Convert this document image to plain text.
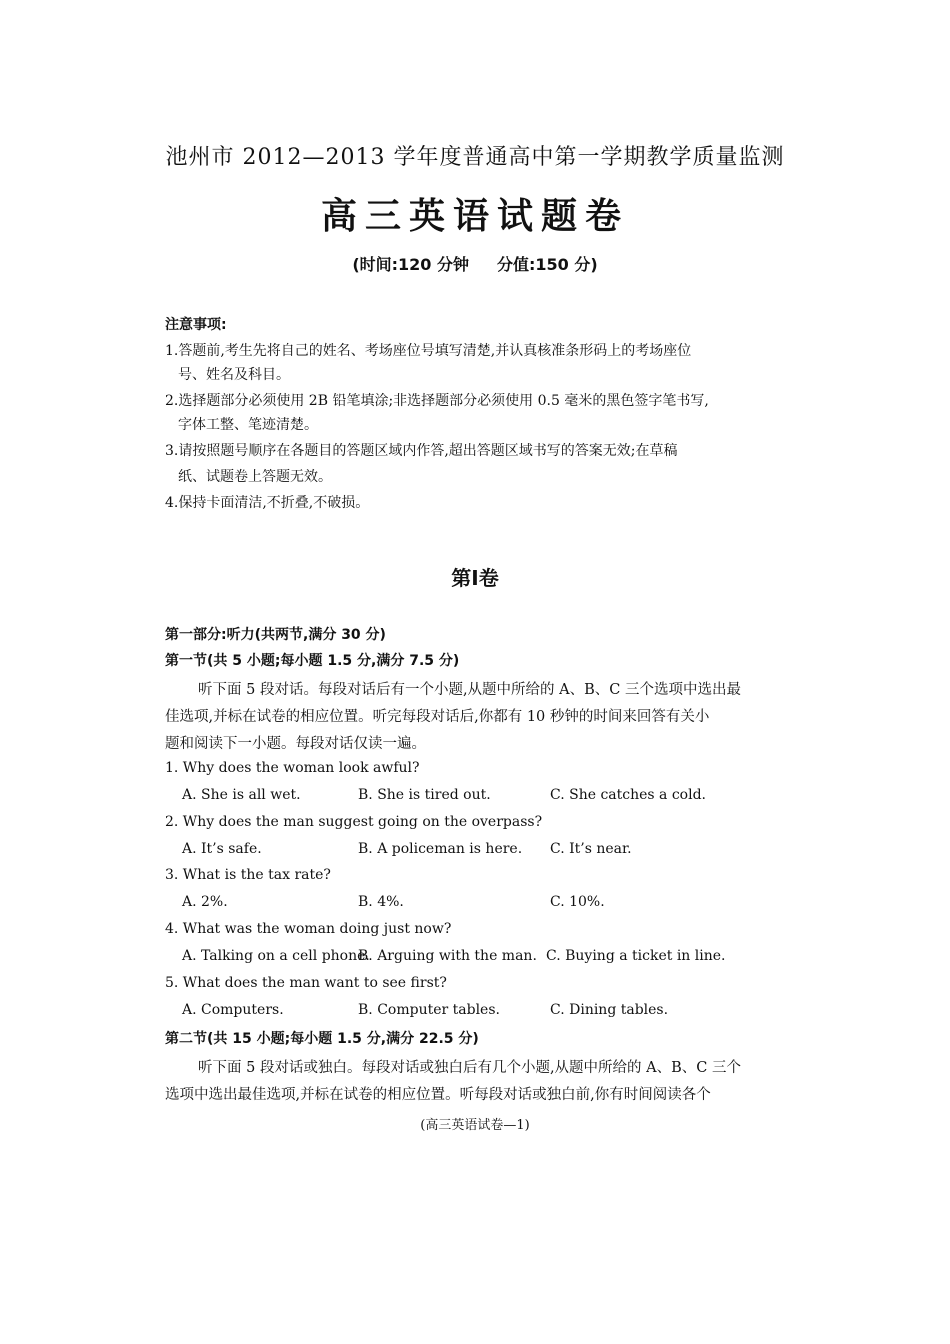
池州市 2012—2013 学年度普通高中第一学期教学质量监测
高三英语试题卷
(时间:120 分钟 分值:150 分)
注意事项:
1.答题前,考生先将自己的姓名、考场座位号填写清楚,并认真核准条形码上的考场座位
号、姓名及科目。
2.选择题部分必须使用 2B 铅笔填涂;非选择题部分必须使用 0.5 毫米的黑色签字笔书写,
字体工整、笔迹清楚。
3.请按照题号顺序在各题目的答题区域内作答,超出答题区域书写的答案无效;在草稿
纸、试题卷上答题无效。
4.保持卡面清洁,不折叠,不破损。
第Ⅰ卷
第一部分:听力(共两节,满分 30 分)
第一节(共 5 小题;每小题 1.5 分,满分 7.5 分)
听下面 5 段对话。每段对话后有一个小题,从题中所给的 A、B、C 三个选项中选出最
佳选项,并标在试卷的相应位置。听完每段对话后,你都有 10 秒钟的时间来回答有关小
题和阅读下一小题。每段对话仅读一遍。
1. Why does the woman look awful?
A. She is all wet.	B. She is tired out.	C. She catches a cold.
2. Why does the man suggest going on the overpass?
A. It’s safe.	B. A policeman is here. C. It’s near.
3. What is the tax rate?
A. 2%.	B. 4%.	C. 10%.
4. What was the woman doing just now?
A. Talking on a cell phone.
B. Arguing with the man. C. Buying a ticket in line.
5. What does the man want to see first?
A. Computers.	B. Computer tables.	C. Dining tables.
第二节(共 15 小题;每小题 1.5 分,满分 22.5 分)
听下面 5 段对话或独白。每段对话或独白后有几个小题,从题中所给的 A、B、C 三个
选项中选出最佳选项,并标在试卷的相应位置。听每段对话或独白前,你有时间阅读各个
(高三英语试卷—1)
